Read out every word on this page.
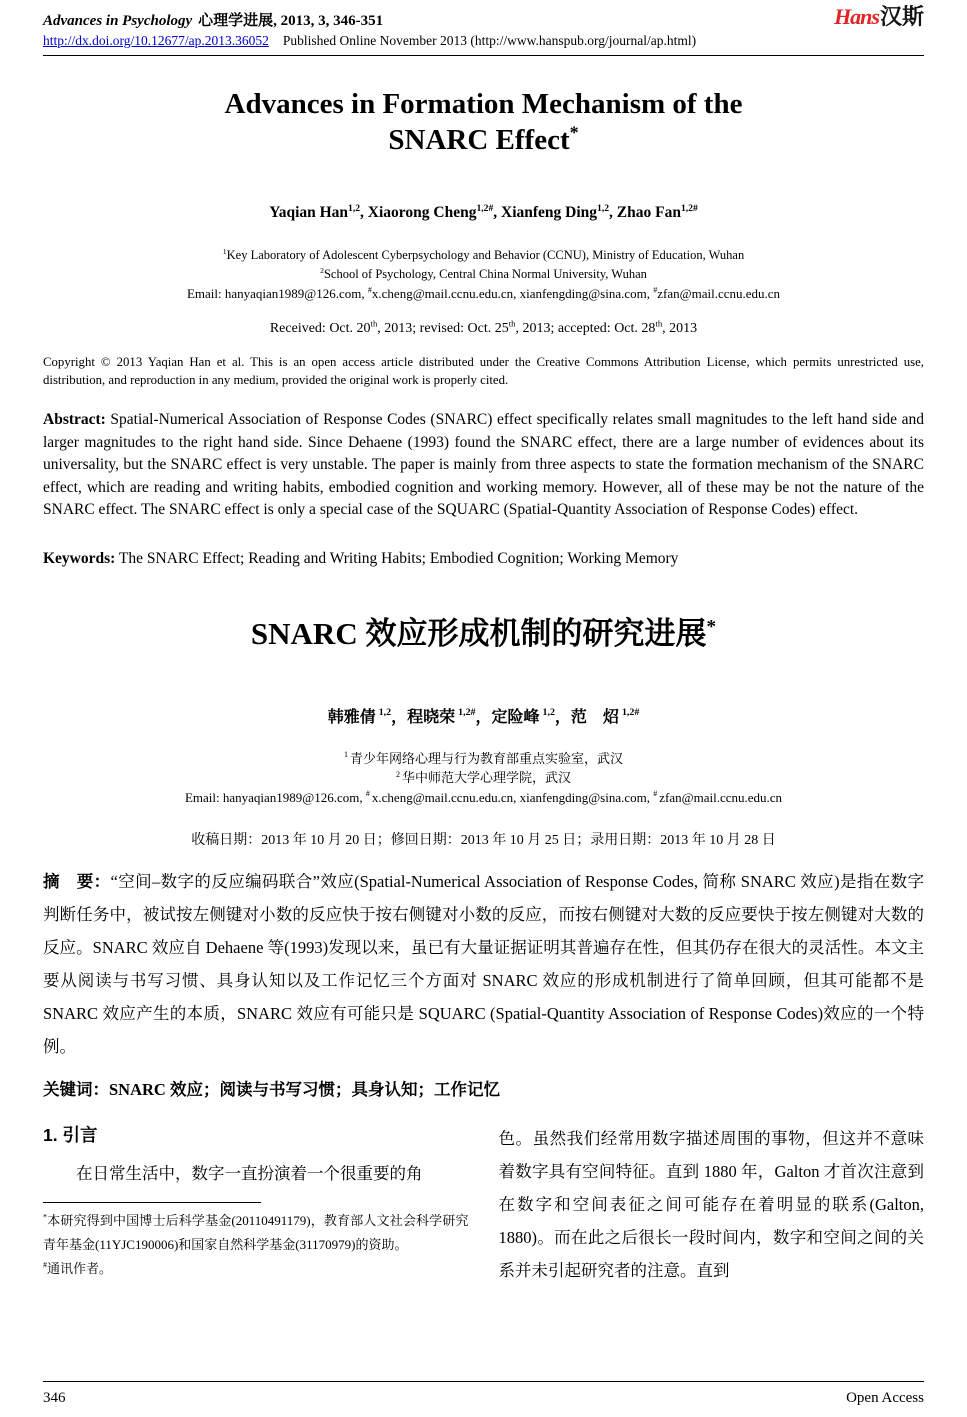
Advances in Psychology 心理学进展, 2013, 3, 346-351	Hans汉斯
http://dx.doi.org/10.12677/ap.2013.36052 Published Online November 2013 (http://www.hanspub.org/journal/ap.html)
Advances in Formation Mechanism of the
SNARC Effect*

Yaqian Han$^{1,2}$, Xiaorong Cheng$^{1,2\#}$, Xianfeng Ding$^{1,2}$, Zhao Fan$^{1,2\#}$

$^1$Key Laboratory of Adolescent Cyberpsychology and Behavior (CCNU), Ministry of Education, Wuhan
$^2$School of Psychology, Central China Normal University, Wuhan
Email: hanyaqian1989@126.com, #x.cheng@mail.ccnu.edu.cn, xianfengding@sina.com, #zfan@mail.ccnu.edu.cn

Received: Oct. 20th, 2013; revised: Oct. 25th, 2013; accepted: Oct. 28th, 2013

Copyright © 2013 Yaqian Han et al. This is an open access article distributed under the Creative Commons Attribution License, which permits unrestricted use, distribution, and reproduction in any medium, provided the original work is properly cited.

Abstract: Spatial-Numerical Association of Response Codes (SNARC) effect specifically relates small magnitudes to the left hand side and larger magnitudes to the right hand side. Since Dehaene (1993) found the SNARC effect, there are a large number of evidences about its universality, but the SNARC effect is very unstable. The paper is mainly from three aspects to state the formation mechanism of the SNARC effect, which are reading and writing habits, embodied cognition and working memory. However, all of these may be not the nature of the SNARC effect. The SNARC effect is only a special case of the SQUARC (Spatial-Quantity Association of Response Codes) effect.

Keywords: The SNARC Effect; Reading and Writing Habits; Embodied Cognition; Working Memory

SNARC 效应形成机制的研究进展*

韩雅倩 $^{1,2}$，程晓荣 $^{1,2\#}$，定险峰 $^{1,2}$，范　炤 $^{1,2\#}$

$^1$ 青少年网络心理与行为教育部重点实验室，武汉
$^2$ 华中师范大学心理学院，武汉
Email: hanyaqian1989@126.com, # x.cheng@mail.ccnu.edu.cn, xianfengding@sina.com, # zfan@mail.ccnu.edu.cn

收稿日期：2013 年 10 月 20 日；修回日期：2013 年 10 月 25 日；录用日期：2013 年 10 月 28 日

摘　要：“空间–数字的反应编码联合”效应(Spatial-Numerical Association of Response Codes, 简称 SNARC 效应)是指在数字判断任务中，被试按左侧键对小数的反应快于按右侧键对小数的反应，而按右侧键对大数的反应要快于按左侧键对大数的反应。SNARC 效应自 Dehaene 等(1993)发现以来，虽已有大量证据证明其普遍存在性，但其仍存在很大的灵活性。本文主要从阅读与书写习惯、具身认知以及工作记忆三个方面对 SNARC 效应的形成机制进行了简单回顾，但其可能都不是 SNARC 效应产生的本质，SNARC 效应有可能只是 SQUARC (Spatial-Quantity Association of Response Codes)效应的一个特例。

关键词：SNARC 效应；阅读与书写习惯；具身认知；工作记忆

1. 引言

在日常生活中，数字一直扮演着一个很重要的角

*本研究得到中国博士后科学基金(20110491179)，教育部人文社会科学研究青年基金(11YJC190006)和国家自然科学基金(31170979)的资助。

#通讯作者。

色。虽然我们经常用数字描述周围的事物，但这并不意味着数字具有空间特征。直到 1880 年，Galton 才首次注意到在数字和空间表征之间可能存在着明显的联系(Galton, 1880)。而在此之后很长一段时间内，数字和空间之间的关系并未引起研究者的注意。直到

346	Open Access
